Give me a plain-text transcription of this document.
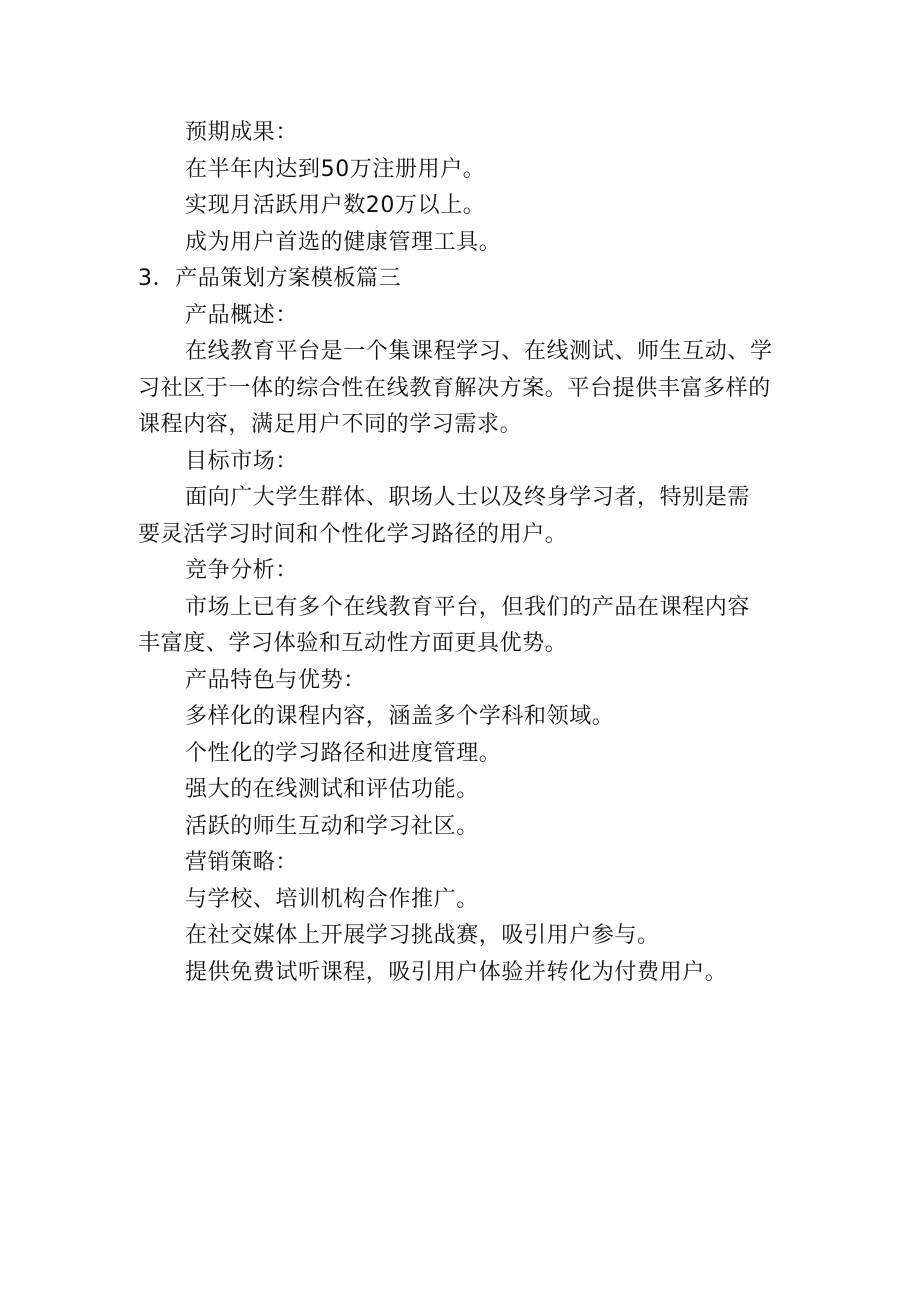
预期成果：
在半年内达到50万注册用户。
实现月活跃用户数20万以上。
成为用户首选的健康管理工具。
3．产品策划方案模板篇三
产品概述：
在线教育平台是一个集课程学习、在线测试、师生互动、学
习社区于一体的综合性在线教育解决方案。平台提供丰富多样的
课程内容，满足用户不同的学习需求。
目标市场：
面向广大学生群体、职场人士以及终身学习者，特别是需
要灵活学习时间和个性化学习路径的用户。
竞争分析：
市场上已有多个在线教育平台，但我们的产品在课程内容
丰富度、学习体验和互动性方面更具优势。
产品特色与优势：
多样化的课程内容，涵盖多个学科和领域。
个性化的学习路径和进度管理。
强大的在线测试和评估功能。
活跃的师生互动和学习社区。
营销策略：
与学校、培训机构合作推广。
在社交媒体上开展学习挑战赛，吸引用户参与。
提供免费试听课程，吸引用户体验并转化为付费用户。
